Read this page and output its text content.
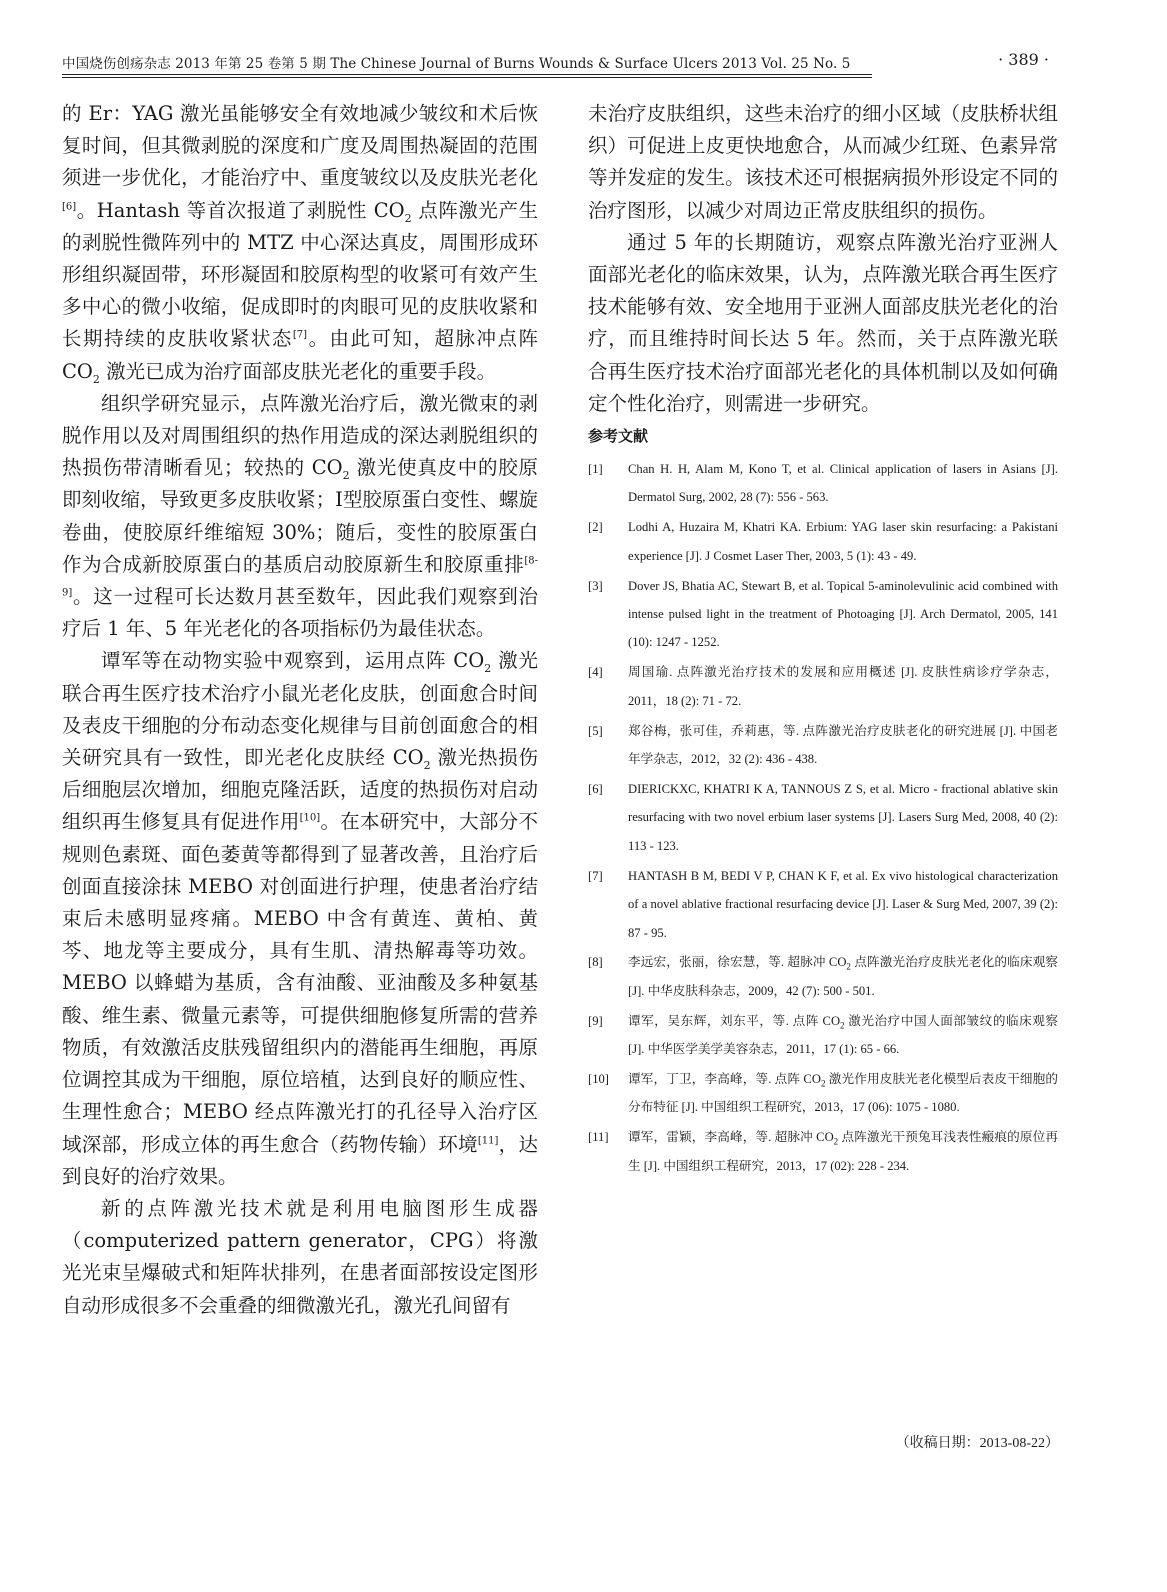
中国烧伤创疡杂志 2013 年第 25 卷第 5 期 The Chinese Journal of Burns Wounds & Surface Ulcers 2013 Vol. 25 No. 5	· 389 ·

的 Er：YAG 激光虽能够安全有效地减少皱纹和术后恢复时间，但其微剥脱的深度和广度及周围热凝固的范围须进一步优化，才能治疗中、重度皱纹以及皮肤光老化[6]。Hantash 等首次报道了剥脱性 $CO_2$ 点阵激光产生的剥脱性微阵列中的 MTZ 中心深达真皮，周围形成环形组织凝固带，环形凝固和胶原构型的收紧可有效产生多中心的微小收缩，促成即时的肉眼可见的皮肤收紧和长期持续的皮肤收紧状态[7]。由此可知，超脉冲点阵 $CO_2$ 激光已成为治疗面部皮肤光老化的重要手段。

组织学研究显示，点阵激光治疗后，激光微束的剥脱作用以及对周围组织的热作用造成的深达剥脱组织的热损伤带清晰看见；较热的 $CO_2$ 激光使真皮中的胶原即刻收缩，导致更多皮肤收紧；Ⅰ型胶原蛋白变性、螺旋卷曲，使胶原纤维缩短 30%；随后，变性的胶原蛋白作为合成新胶原蛋白的基质启动胶原新生和胶原重排[8-9]。这一过程可长达数月甚至数年，因此我们观察到治疗后 1 年、5 年光老化的各项指标仍为最佳状态。

谭军等在动物实验中观察到，运用点阵 $CO_2$ 激光联合再生医疗技术治疗小鼠光老化皮肤，创面愈合时间及表皮干细胞的分布动态变化规律与目前创面愈合的相关研究具有一致性，即光老化皮肤经 $CO_2$ 激光热损伤后细胞层次增加，细胞克隆活跃，适度的热损伤对启动组织再生修复具有促进作用[10]。在本研究中，大部分不规则色素斑、面色萎黄等都得到了显著改善，且治疗后创面直接涂抹 MEBO 对创面进行护理，使患者治疗结束后未感明显疼痛。MEBO 中含有黄连、黄柏、黄芩、地龙等主要成分，具有生肌、清热解毒等功效。MEBO 以蜂蜡为基质，含有油酸、亚油酸及多种氨基酸、维生素、微量元素等，可提供细胞修复所需的营养物质，有效激活皮肤残留组织内的潜能再生细胞，再原位调控其成为干细胞，原位培植，达到良好的顺应性、生理性愈合；MEBO 经点阵激光打的孔径导入治疗区域深部，形成立体的再生愈合（药物传输）环境[11]，达到良好的治疗效果。

新的点阵激光技术就是利用电脑图形生成器（computerized pattern generator，CPG）将激光光束呈爆破式和矩阵状排列，在患者面部按设定图形自动形成很多不会重叠的细微激光孔，激光孔间留有

未治疗皮肤组织，这些未治疗的细小区域（皮肤桥状组织）可促进上皮更快地愈合，从而减少红斑、色素异常等并发症的发生。该技术还可根据病损外形设定不同的治疗图形，以减少对周边正常皮肤组织的损伤。

通过 5 年的长期随访，观察点阵激光治疗亚洲人面部光老化的临床效果，认为，点阵激光联合再生医疗技术能够有效、安全地用于亚洲人面部皮肤光老化的治疗，而且维持时间长达 5 年。然而，关于点阵激光联合再生医疗技术治疗面部光老化的具体机制以及如何确定个性化治疗，则需进一步研究。

参考文献
[1]	Chan H. H, Alam M, Kono T, et al. Clinical application of lasers in Asians [J]. Dermatol Surg, 2002, 28 (7): 556 - 563.
[2]	Lodhi A, Huzaira M, Khatri KA. Erbium: YAG laser skin resurfacing: a Pakistani experience [J]. J Cosmet Laser Ther, 2003, 5 (1): 43 - 49.
[3]	Dover JS, Bhatia AC, Stewart B, et al. Topical 5-aminolevulinic acid combined with intense pulsed light in the treatment of Photoaging [J]. Arch Dermatol, 2005, 141 (10): 1247 - 1252.
[4]	周国瑜. 点阵激光治疗技术的发展和应用概述 [J]. 皮肤性病诊疗学杂志，2011，18 (2): 71 - 72.
[5]	郑谷梅，张可佳，乔莉惠，等. 点阵激光治疗皮肤老化的研究进展 [J]. 中国老年学杂志，2012，32 (2): 436 - 438.
[6]	DIERICKXC, KHATRI K A, TANNOUS Z S, et al. Micro - fractional ablative skin resurfacing with two novel erbium laser systems [J]. Lasers Surg Med, 2008, 40 (2): 113 - 123.
[7]	HANTASH B M, BEDI V P, CHAN K F, et al. Ex vivo histological characterization of a novel ablative fractional resurfacing device [J]. Laser & Surg Med, 2007, 39 (2): 87 - 95.
[8]	李远宏，张丽，徐宏慧，等. 超脉冲 $CO_2$ 点阵激光治疗皮肤光老化的临床观察 [J]. 中华皮肤科杂志，2009，42 (7): 500 - 501.
[9]	谭军，吴东辉，刘东平，等. 点阵 $CO_2$ 激光治疗中国人面部皱纹的临床观察 [J]. 中华医学美学美容杂志，2011，17 (1): 65 - 66.
[10]	谭军，丁卫，李高峰，等. 点阵 $CO_2$ 激光作用皮肤光老化模型后表皮干细胞的分布特征 [J]. 中国组织工程研究，2013，17 (06): 1075 - 1080.
[11]	谭军，雷颖，李高峰，等. 超脉冲 $CO_2$ 点阵激光干预兔耳浅表性瘢痕的原位再生 [J]. 中国组织工程研究，2013，17 (02): 228 - 234.
（收稿日期：2013-08-22）
